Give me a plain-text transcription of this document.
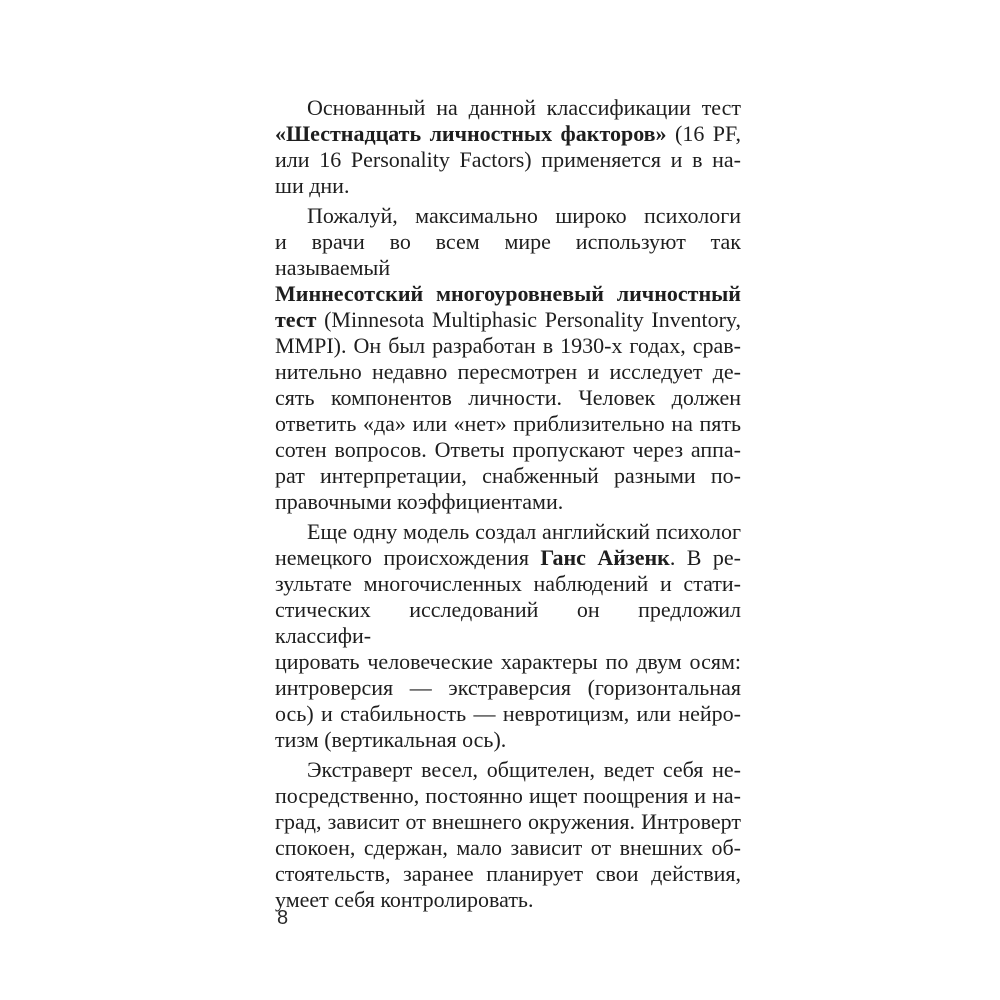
Основанный на данной классификации тест
«Шестнадцать личностных факторов» (16 PF,
или 16 Personality Factors) применяется и в на-
ши дни.
Пожалуй, максимально широко психологи
и врачи во всем мире используют так называемый
Миннесотский многоуровневый личностный
тест (Minnesota Multiphasic Personality Inventory,
MMPI). Он был разработан в 1930-х годах, срав-
нительно недавно пересмотрен и исследует де-
сять компонентов личности. Человек должен
ответить «да» или «нет» приблизительно на пять
сотен вопросов. Ответы пропускают через аппа-
рат интерпретации, снабженный разными по-
правочными коэффициентами.
Еще одну модель создал английский психолог
немецкого происхождения Ганс Айзенк. В ре-
зультате многочисленных наблюдений и стати-
стических исследований он предложил классифи-
цировать человеческие характеры по двум осям:
интроверсия — экстраверсия (горизонтальная
ось) и стабильность — невротицизм, или нейро-
тизм (вертикальная ось).
Экстраверт весел, общителен, ведет себя не-
посредственно, постоянно ищет поощрения и на-
град, зависит от внешнего окружения. Интроверт
спокоен, сдержан, мало зависит от внешних об-
стоятельств, заранее планирует свои действия,
умеет себя контролировать.
8
